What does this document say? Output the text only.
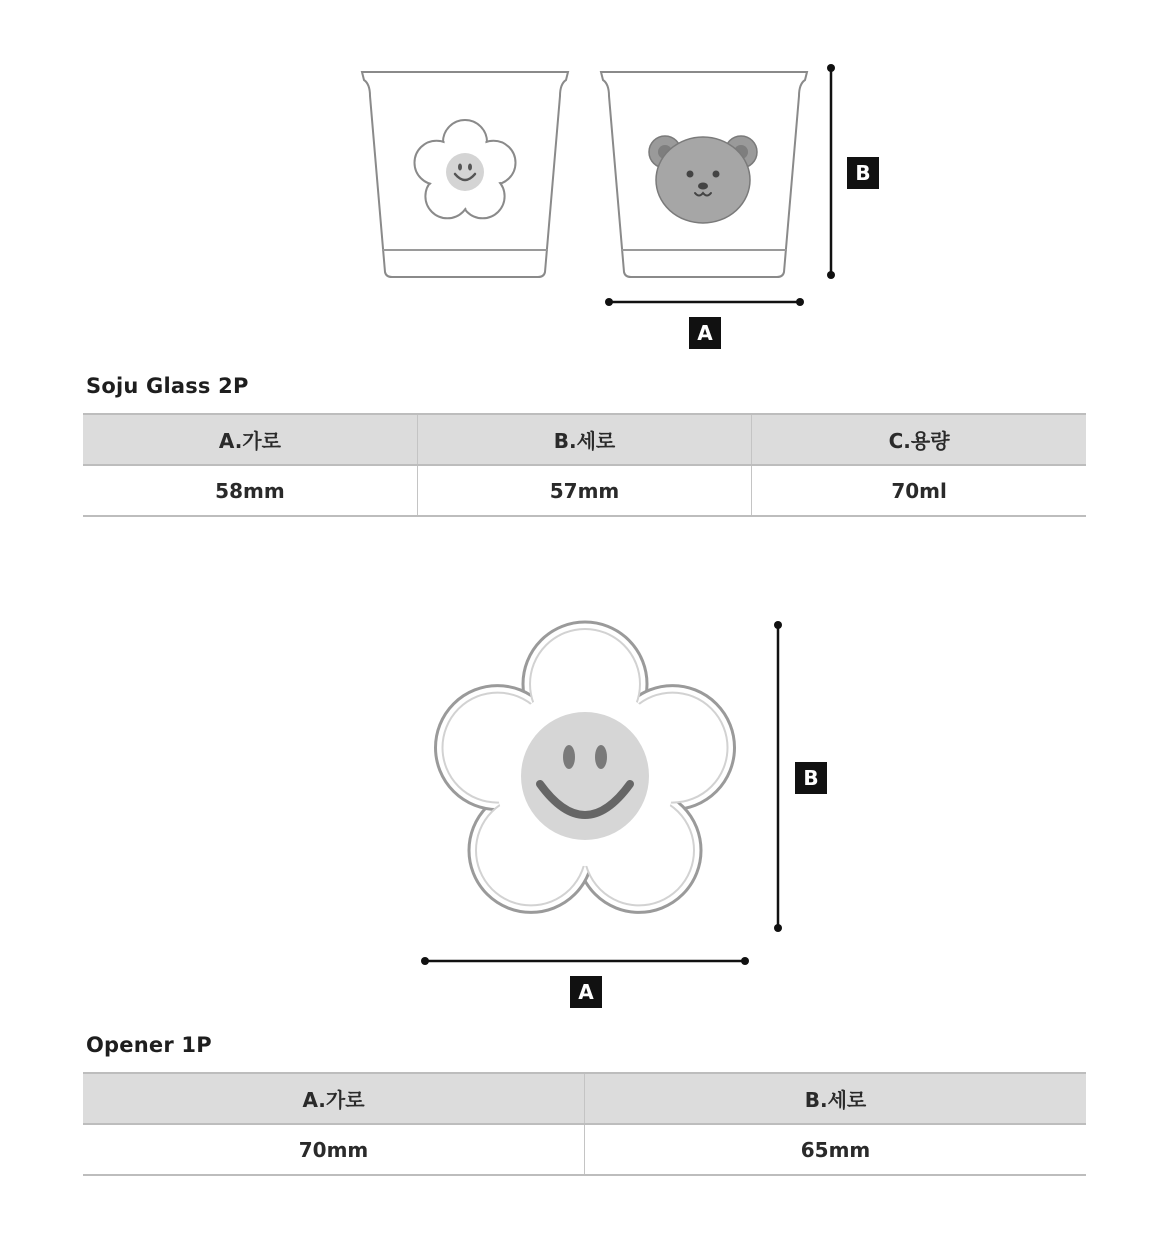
B
A
B
A
Soju Glass 2P
A.가로	B.세로	C.용량
58mm	57mm	70ml
Opener 1P
A.가로	B.세로
70mm	65mm
